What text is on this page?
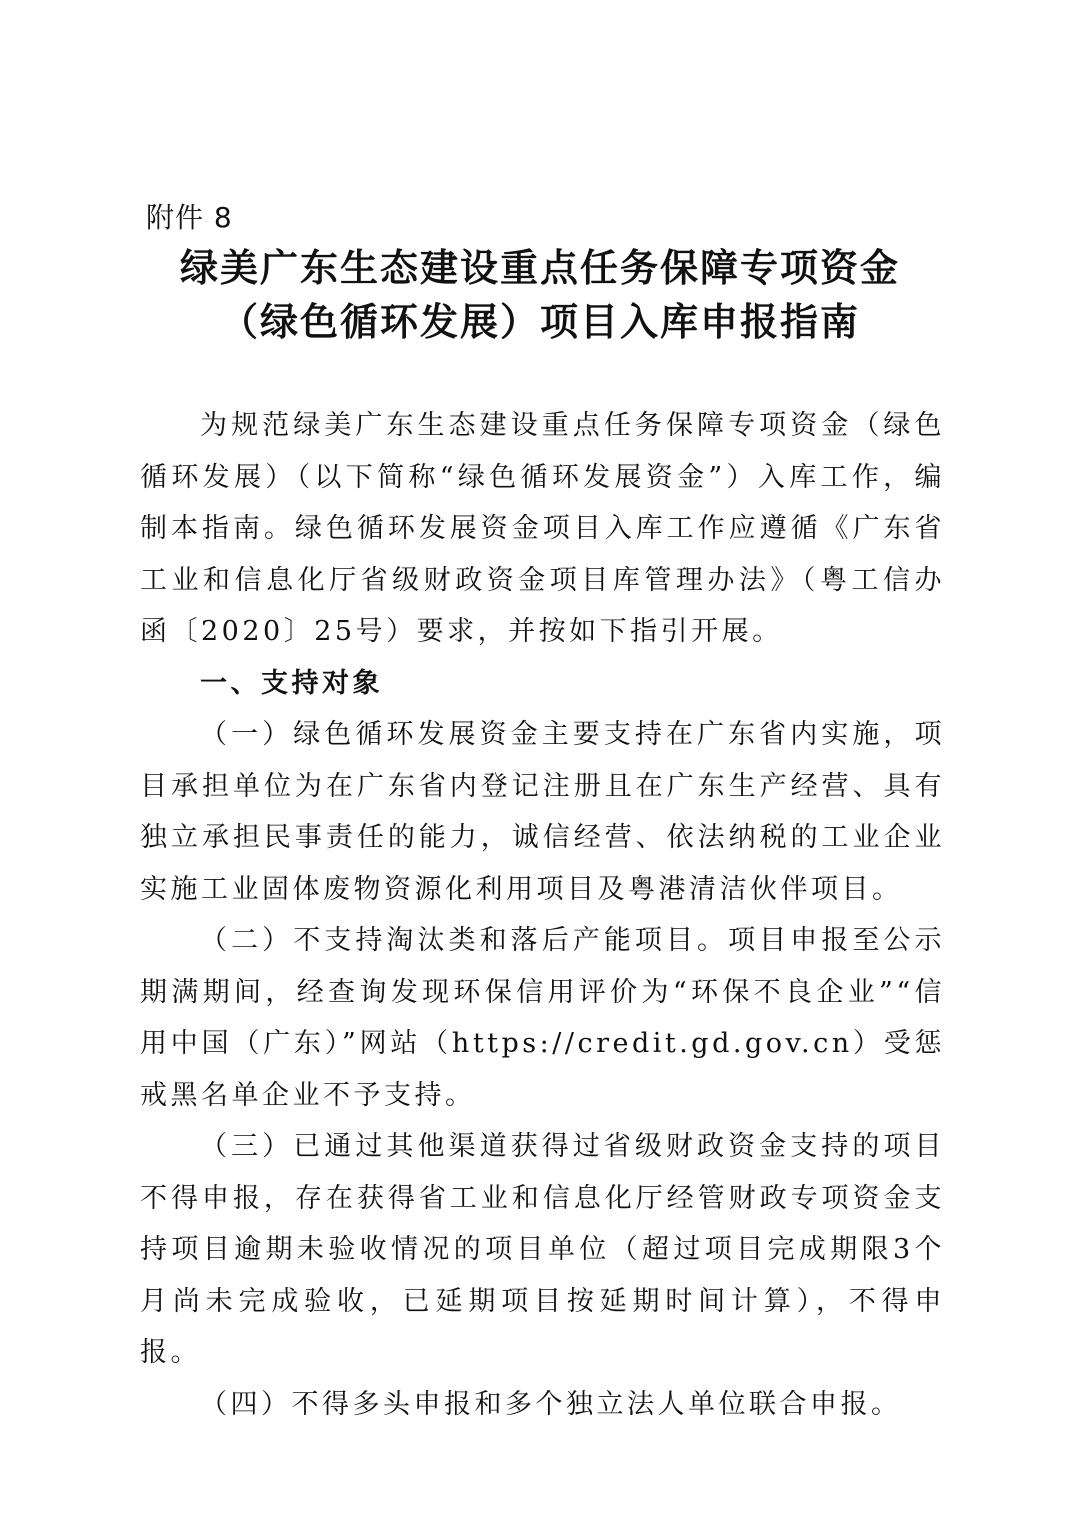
附件 8
绿美广东生态建设重点任务保障专项资金
（绿色循环发展）项目入库申报指南

为规范绿美广东生态建设重点任务保障专项资金（绿色循环发展）（以下简称“绿色循环发展资金”）入库工作，编制本指南。绿色循环发展资金项目入库工作应遵循《广东省工业和信息化厅省级财政资金项目库管理办法》（粤工信办函〔2020〕25号）要求，并按如下指引开展。

一、支持对象

（一）绿色循环发展资金主要支持在广东省内实施，项目承担单位为在广东省内登记注册且在广东生产经营、具有独立承担民事责任的能力，诚信经营、依法纳税的工业企业实施工业固体废物资源化利用项目及粤港清洁伙伴项目。

（二）不支持淘汰类和落后产能项目。项目申报至公示期满期间，经查询发现环保信用评价为“环保不良企业”“信用中国（广东）”网站（https://credit.gd.gov.cn）受惩戒黑名单企业不予支持。

（三）已通过其他渠道获得过省级财政资金支持的项目不得申报，存在获得省工业和信息化厅经管财政专项资金支持项目逾期未验收情况的项目单位（超过项目完成期限3个月尚未完成验收，已延期项目按延期时间计算），不得申报。

（四）不得多头申报和多个独立法人单位联合申报。
